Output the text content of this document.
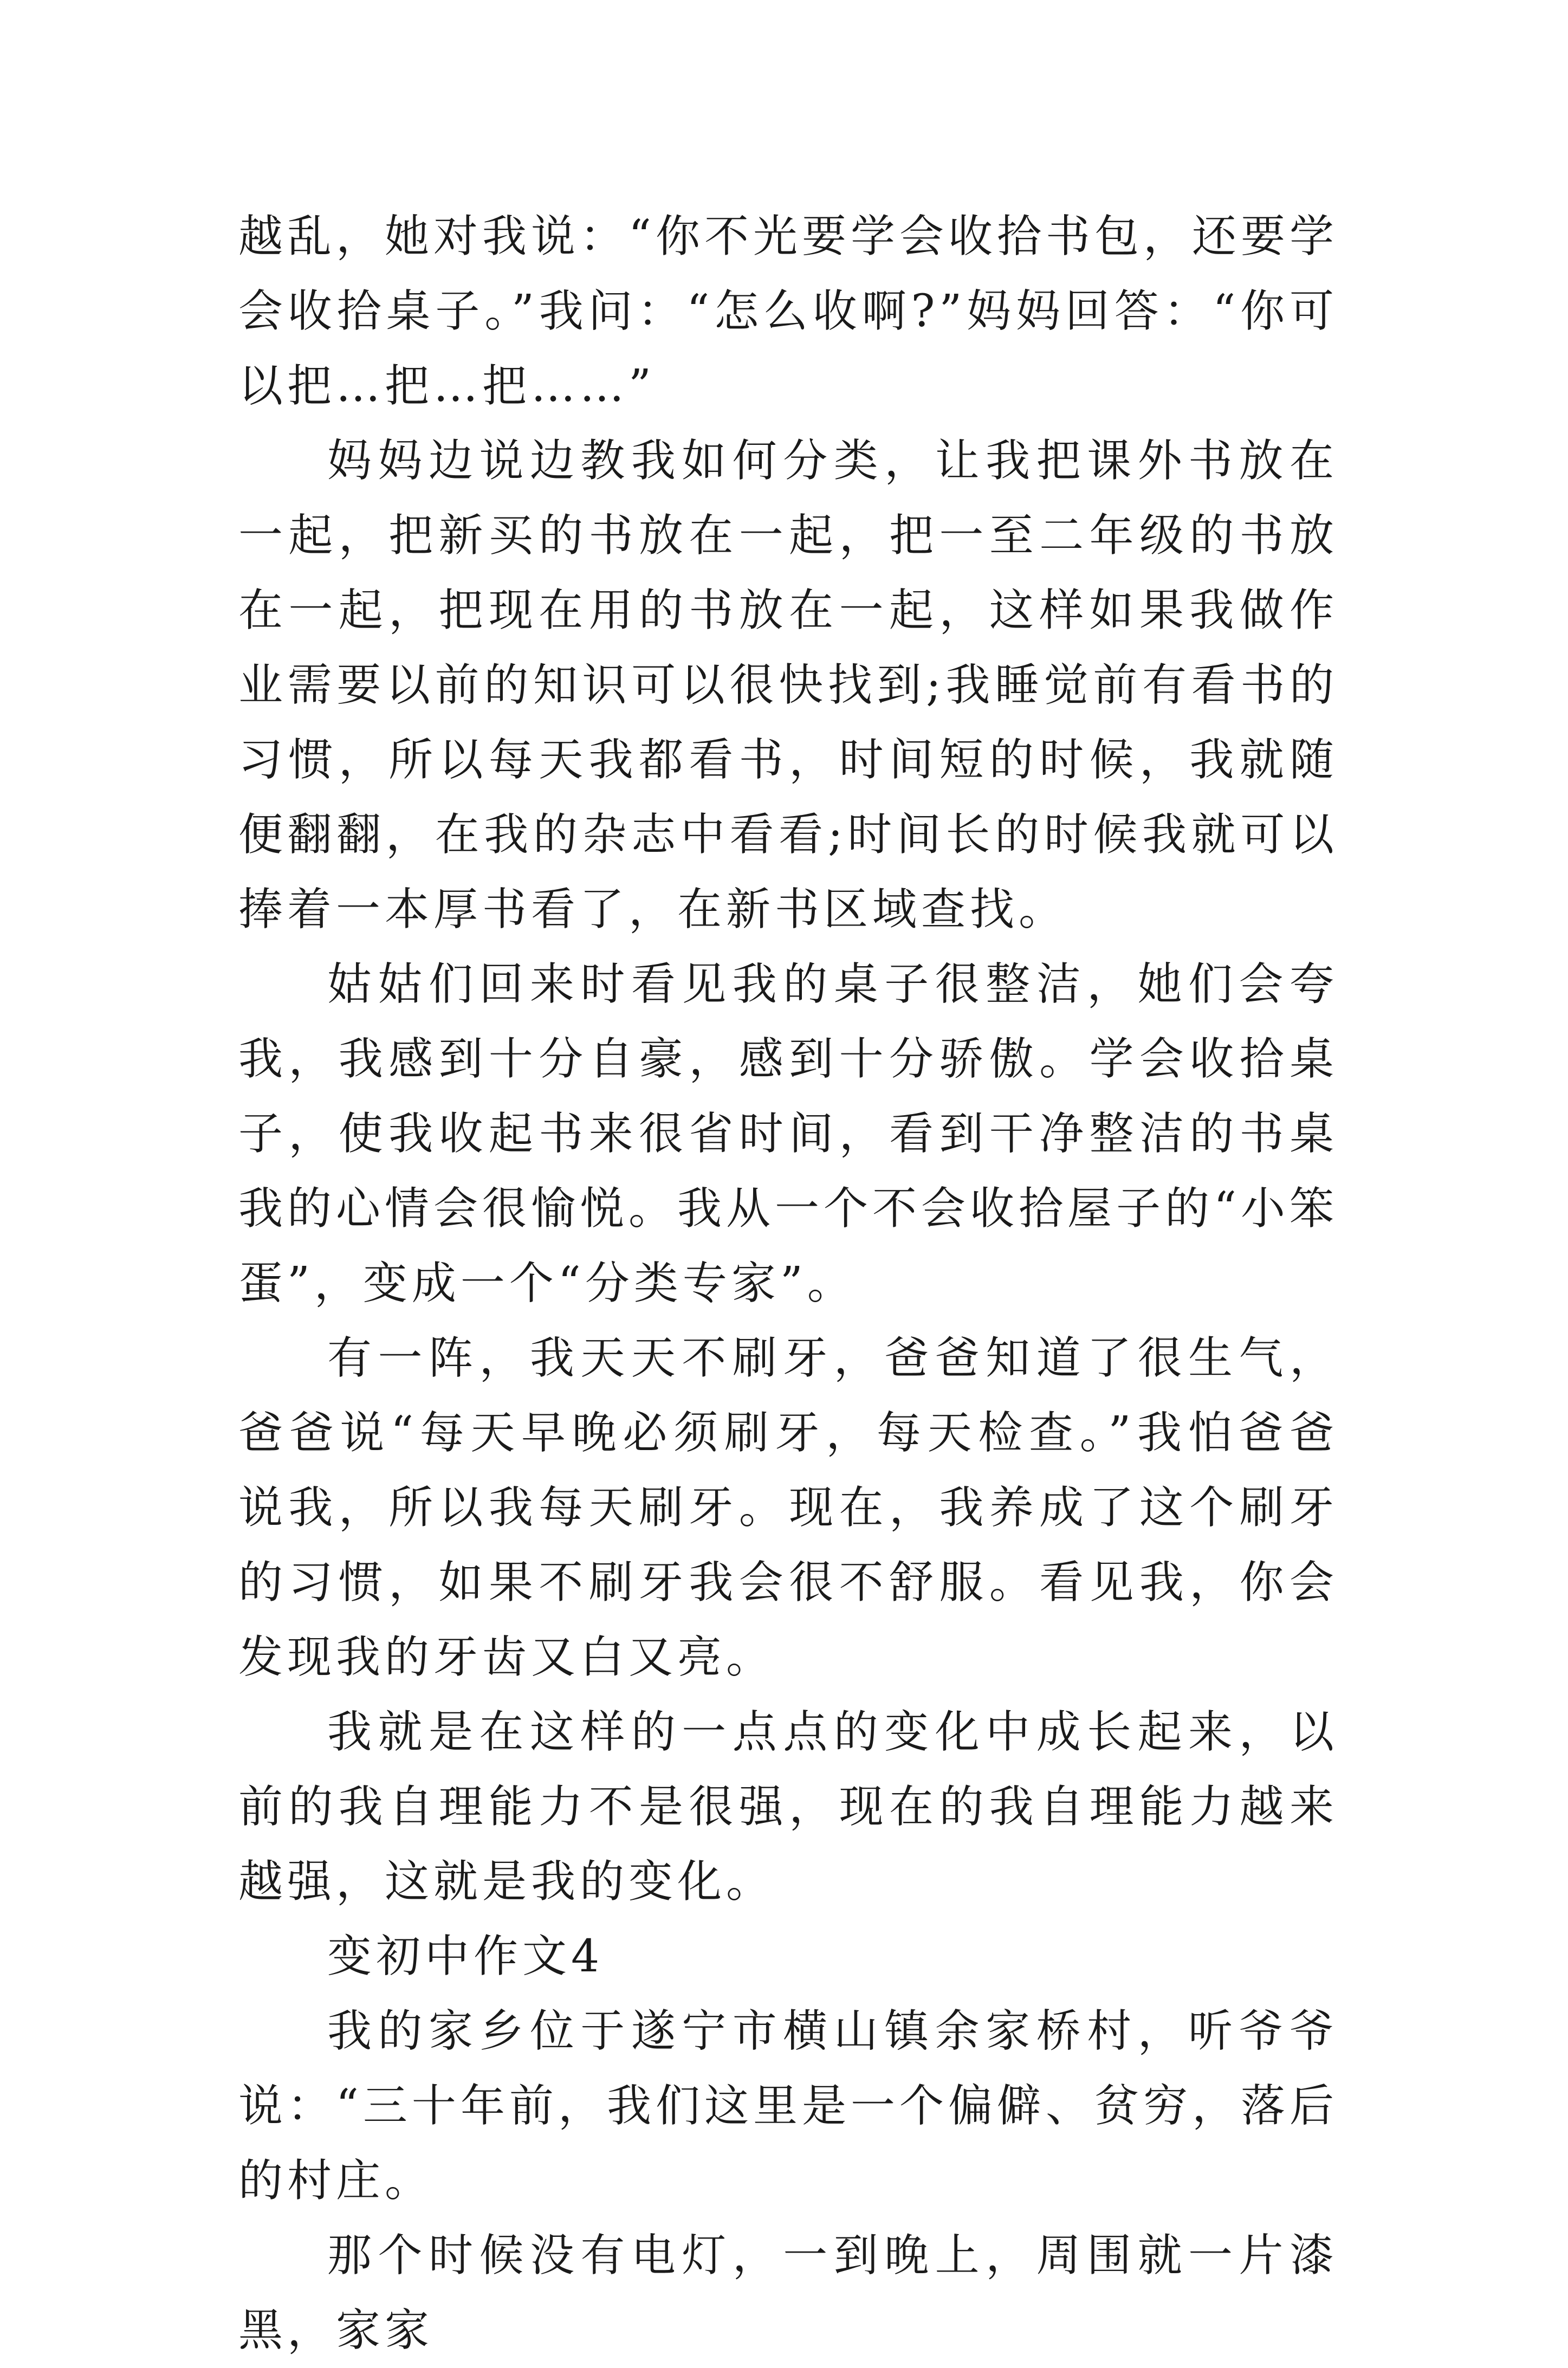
越乱，她对我说：“你不光要学会收拾书包，还要学会收拾桌子。”我问：“怎么收啊?”妈妈回答：“你可以把…把…把……”

妈妈边说边教我如何分类，让我把课外书放在一起，把新买的书放在一起，把一至二年级的书放在一起，把现在用的书放在一起，这样如果我做作业需要以前的知识可以很快找到;我睡觉前有看书的习惯，所以每天我都看书，时间短的时候，我就随便翻翻，在我的杂志中看看;时间长的时候我就可以捧着一本厚书看了，在新书区域查找。

姑姑们回来时看见我的桌子很整洁，她们会夸我，我感到十分自豪，感到十分骄傲。学会收拾桌子，使我收起书来很省时间，看到干净整洁的书桌我的心情会很愉悦。我从一个不会收拾屋子的“小笨蛋”，变成一个“分类专家”。

有一阵，我天天不刷牙，爸爸知道了很生气，爸爸说“每天早晚必须刷牙，每天检查。”我怕爸爸说我，所以我每天刷牙。现在，我养成了这个刷牙的习惯，如果不刷牙我会很不舒服。看见我，你会发现我的牙齿又白又亮。

我就是在这样的一点点的变化中成长起来，以前的我自理能力不是很强，现在的我自理能力越来越强，这就是我的变化。

变初中作文4

我的家乡位于遂宁市横山镇余家桥村，听爷爷说：“三十年前，我们这里是一个偏僻、贫穷，落后的村庄。

那个时候没有电灯，一到晚上，周围就一片漆黑，家家
